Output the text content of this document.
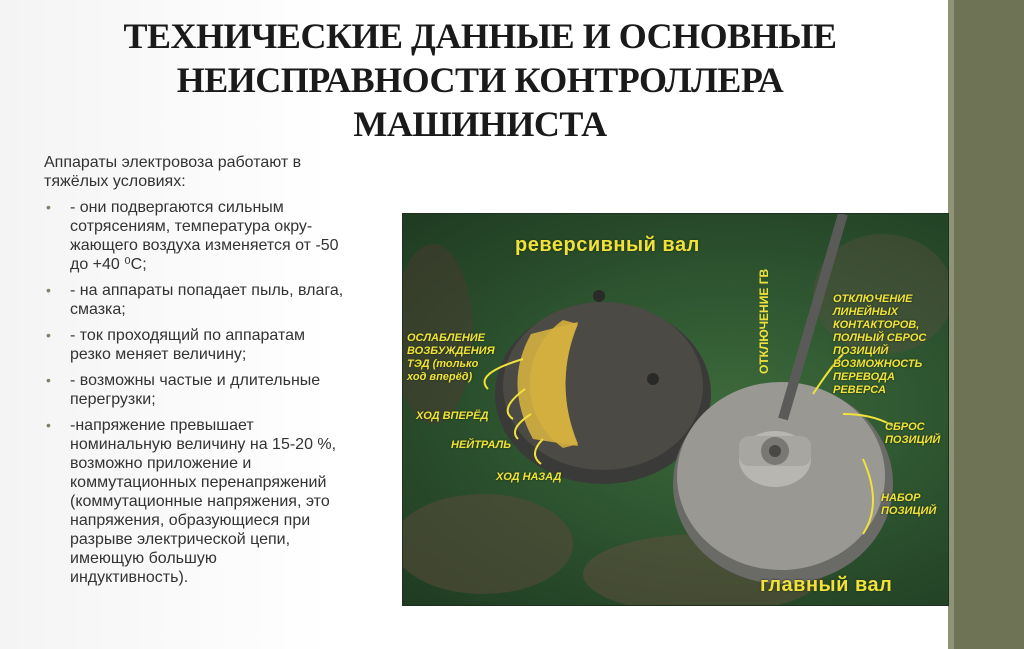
ТЕХНИЧЕСКИЕ ДАННЫЕ И ОСНОВНЫЕ
НЕИСПРАВНОСТИ КОНТРОЛЛЕРА
МАШИНИСТА

Аппараты электровоза работают в
тяжёлых условиях:

• - они подвергаются сильным
сотрясениям, температура окру-
жающего воздуха изменяется от -50
до +40 ⁰С;
• - на аппараты попадает пыль, влага,
смазка;
• - ток проходящий по аппаратам
резко меняет величину;
• - возможны частые и длительные
перегрузки;
• -напряжение превышает
номинальную величину на 15-20 %,
возможно приложение и
коммутационных перенапряжений
(коммутационные напряжения, это
напряжения, образующиеся при
разрыве электрической цепи,
имеющую большую
индуктивность).
реверсивный вал
главный вал
ОТКЛЮЧЕНИЕ ГВ
ОСЛАБЛЕНИЕ
ВОЗБУЖДЕНИЯ
ТЭД (только
ход вперёд)
ХОД ВПЕРЁД
НЕЙТРАЛЬ
ХОД НАЗАД
ОТКЛЮЧЕНИЕ
ЛИНЕЙНЫХ КОНТАКТОРОВ,
ПОЛНЫЙ СБРОС ПОЗИЦИЙ
ВОЗМОЖНОСТЬ ПЕРЕВОДА
РЕВЕРСА
СБРОС ПОЗИЦИЙ
НАБОР ПОЗИЦИЙ
